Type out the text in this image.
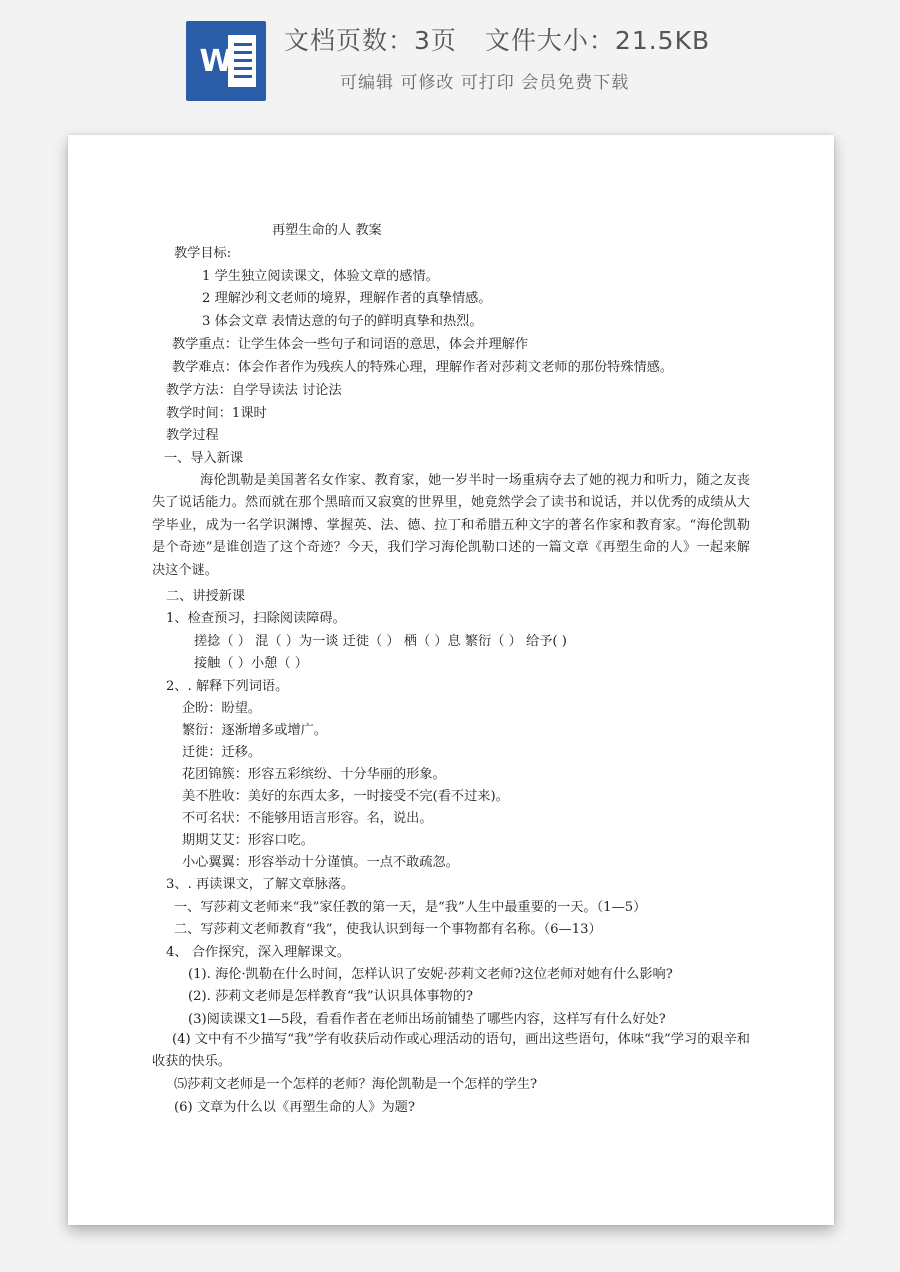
W
文档页数：3页 文件大小：21.5KB
可编辑 可修改 可打印 会员免费下载
再塑生命的人 教案
教学目标:
1 学生独立阅读课文，体验文章的感情。
2 理解沙利文老师的境界，理解作者的真挚情感。
3 体会文章 表情达意的句子的鲜明真挚和热烈。
教学重点：让学生体会一些句子和词语的意思，体会并理解作
教学难点：体会作者作为残疾人的特殊心理，理解作者对莎莉文老师的那份特殊情感。
教学方法：自学导读法 讨论法
教学时间：1课时
教学过程
一、导入新课
海伦凯勒是美国著名女作家、教育家，她一岁半时一场重病夺去了她的视力和听力，随之友丧失了说话能力。然而就在那个黑暗而又寂寞的世界里，她竟然学会了读书和说话，并以优秀的成绩从大学毕业，成为一名学识渊博、掌握英、法、德、拉丁和希腊五种文字的著名作家和教育家。“海伦凯勒 是个奇迹”是谁创造了这个奇迹？今天，我们学习海伦凯勒口述的一篇文章《再塑生命的人》一起来解决这个谜。
二、讲授新课
1、检查预习，扫除阅读障碍。
搓捻（ ） 混（ ）为一谈 迁徙（ ） 栖（ ）息 繁衍（ ） 给予( )
接触（ ）小憩（ ）
2、. 解释下列词语。
企盼：盼望。
繁衍：逐渐增多或增广。
迁徙：迁移。
花团锦簇：形容五彩缤纷、十分华丽的形象。
美不胜收：美好的东西太多，一时接受不完(看不过来)。
不可名状：不能够用语言形容。名，说出。
期期艾艾：形容口吃。
小心翼翼：形容举动十分谨慎。一点不敢疏忽。
3、. 再读课文，了解文章脉落。
一、写莎莉文老师来“我”家任教的第一天，是“我”人生中最重要的一天。（1—5）
二、写莎莉文老师教育“我”，使我认识到每一个事物都有名称。（6—13）
4、 合作探究，深入理解课文。
(1). 海伦·凯勒在什么时间，怎样认识了安妮·莎莉文老师?这位老师对她有什么影响?
(2). 莎莉文老师是怎样教育“我”认识具体事物的?
(3)阅读课文1—5段，看看作者在老师出场前铺垫了哪些内容，这样写有什么好处?
(4) 文中有不少描写“我”学有收获后动作或心理活动的语句，画出这些语句，体味“我”学习的艰辛和收获的快乐。
⑸莎莉文老师是一个怎样的老师？海伦凯勒是一个怎样的学生?
(6) 文章为什么以《再塑生命的人》为题?
